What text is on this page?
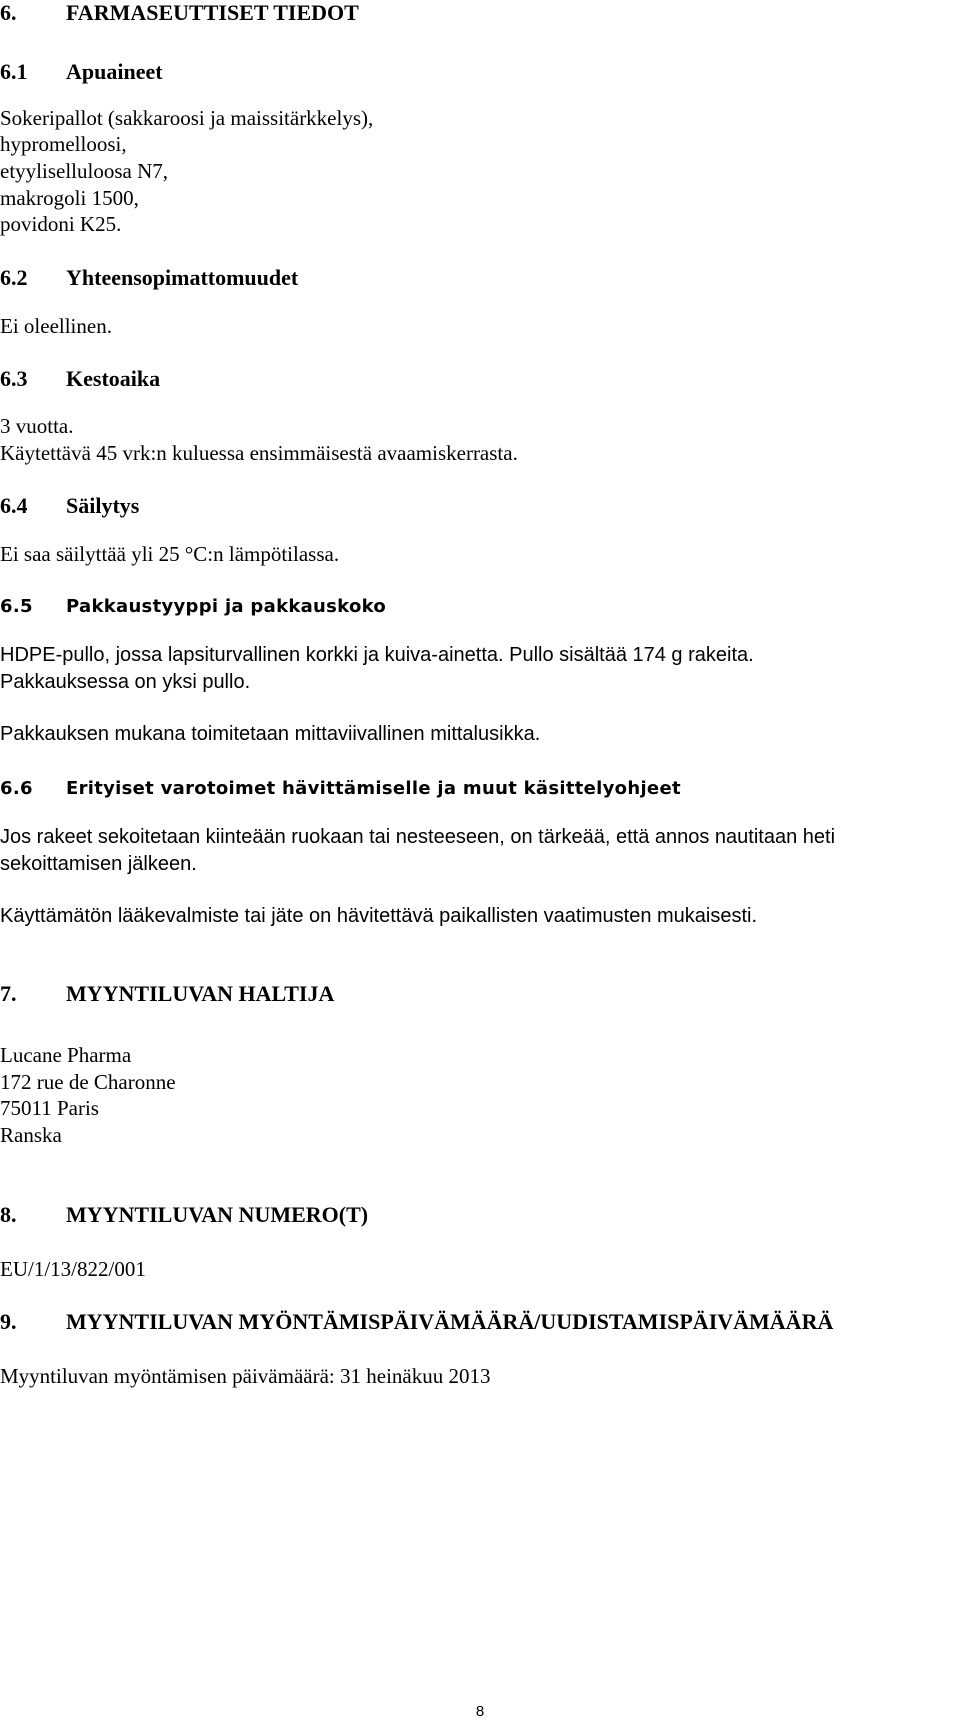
6. FARMASEUTTISET TIEDOT
6.1 Apuaineet
Sokeripallot (sakkaroosi ja maissitärkkelys),
hypromelloosi,
etyyliselluloosa N7,
makrogoli 1500,
povidoni K25.
6.2 Yhteensopimattomuudet
Ei oleellinen.
6.3 Kestoaika
3 vuotta.
Käytettävä 45 vrk:n kuluessa ensimmäisestä avaamiskerrasta.
6.4 Säilytys
Ei saa säilyttää yli 25 °C:n lämpötilassa.
6.5 Pakkaustyyppi ja pakkauskoko
HDPE-pullo, jossa lapsiturvallinen korkki ja kuiva-ainetta. Pullo sisältää 174 g rakeita.
Pakkauksessa on yksi pullo.
Pakkauksen mukana toimitetaan mittaviivallinen mittalusikka.
6.6 Erityiset varotoimet hävittämiselle ja muut käsittelyohjeet
Jos rakeet sekoitetaan kiinteään ruokaan tai nesteeseen, on tärkeää, että annos nautitaan heti
sekoittamisen jälkeen.
Käyttämätön lääkevalmiste tai jäte on hävitettävä paikallisten vaatimusten mukaisesti.
7. MYYNTILUVAN HALTIJA
Lucane Pharma
172 rue de Charonne
75011 Paris
Ranska
8. MYYNTILUVAN NUMERO(T)
EU/1/13/822/001
9. MYYNTILUVAN MYÖNTÄMISPÄIVÄMÄÄRÄ/UUDISTAMISPÄIVÄMÄÄRÄ
Myyntiluvan myöntämisen päivämäärä: 31 heinäkuu 2013
8
